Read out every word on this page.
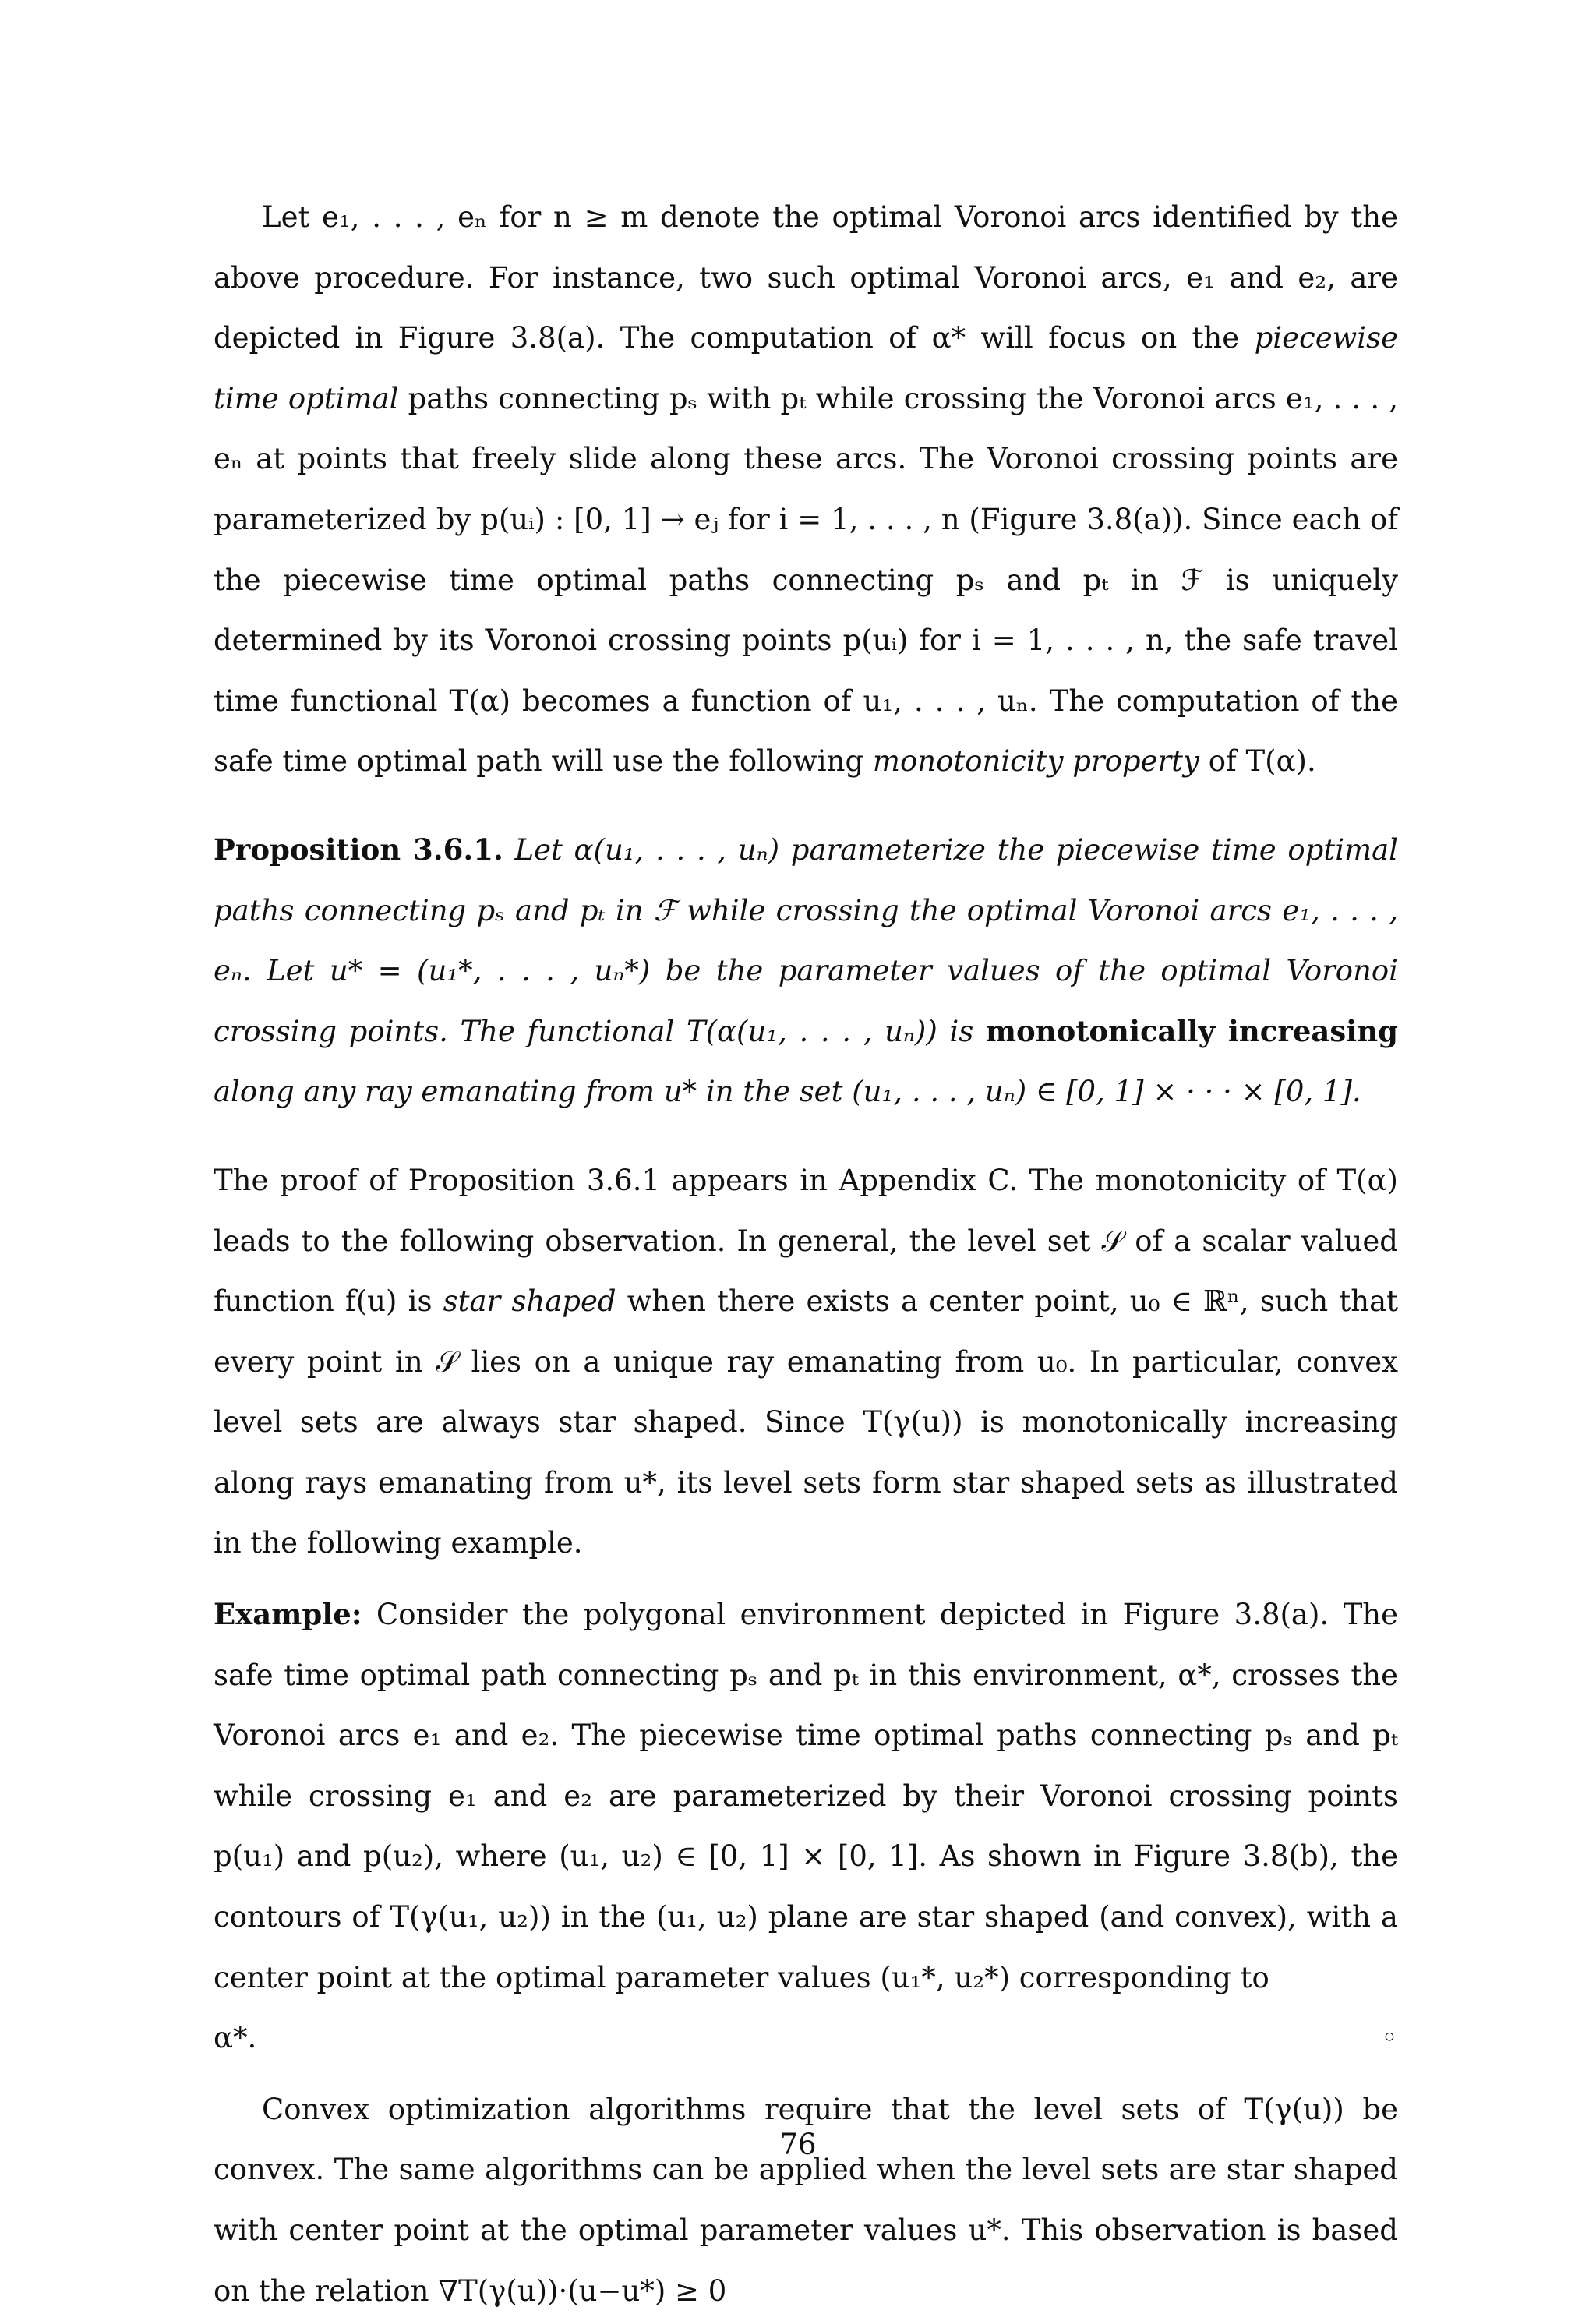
Let e₁, . . . , eₙ for n ≥ m denote the optimal Voronoi arcs identified by the above procedure. For instance, two such optimal Voronoi arcs, e₁ and e₂, are depicted in Figure 3.8(a). The computation of α* will focus on the piecewise time optimal paths connecting pₛ with pₜ while crossing the Voronoi arcs e₁, . . . , eₙ at points that freely slide along these arcs. The Voronoi crossing points are parameterized by p(uᵢ) : [0, 1] → eⱼ for i = 1, . . . , n (Figure 3.8(a)). Since each of the piecewise time optimal paths connecting pₛ and pₜ in ℱ is uniquely determined by its Voronoi crossing points p(uᵢ) for i = 1, . . . , n, the safe travel time functional T(α) becomes a function of u₁, . . . , uₙ. The computation of the safe time optimal path will use the following monotonicity property of T(α).

Proposition 3.6.1. Let α(u₁, . . . , uₙ) parameterize the piecewise time optimal paths connecting pₛ and pₜ in ℱ while crossing the optimal Voronoi arcs e₁, . . . , eₙ. Let u* = (u₁*, . . . , uₙ*) be the parameter values of the optimal Voronoi crossing points. The functional T(α(u₁, . . . , uₙ)) is monotonically increasing along any ray emanating from u* in the set (u₁, . . . , uₙ) ∈ [0, 1] × · · · × [0, 1].

The proof of Proposition 3.6.1 appears in Appendix C. The monotonicity of T(α) leads to the following observation. In general, the level set 𝒮 of a scalar valued function f(u) is star shaped when there exists a center point, u₀ ∈ ℝⁿ, such that every point in 𝒮 lies on a unique ray emanating from u₀. In particular, convex level sets are always star shaped. Since T(γ(u)) is monotonically increasing along rays emanating from u*, its level sets form star shaped sets as illustrated in the following example.

Example: Consider the polygonal environment depicted in Figure 3.8(a). The safe time optimal path connecting pₛ and pₜ in this environment, α*, crosses the Voronoi arcs e₁ and e₂. The piecewise time optimal paths connecting pₛ and pₜ while crossing e₁ and e₂ are parameterized by their Voronoi crossing points p(u₁) and p(u₂), where (u₁, u₂) ∈ [0, 1] × [0, 1]. As shown in Figure 3.8(b), the contours of T(γ(u₁, u₂)) in the (u₁, u₂) plane are star shaped (and convex), with a center point at the optimal parameter values (u₁*, u₂*) corresponding to

α*.	◦

Convex optimization algorithms require that the level sets of T(γ(u)) be convex. The same algorithms can be applied when the level sets are star shaped with center point at the optimal parameter values u*. This observation is based on the relation ∇T(γ(u))·(u−u*) ≥ 0

76
